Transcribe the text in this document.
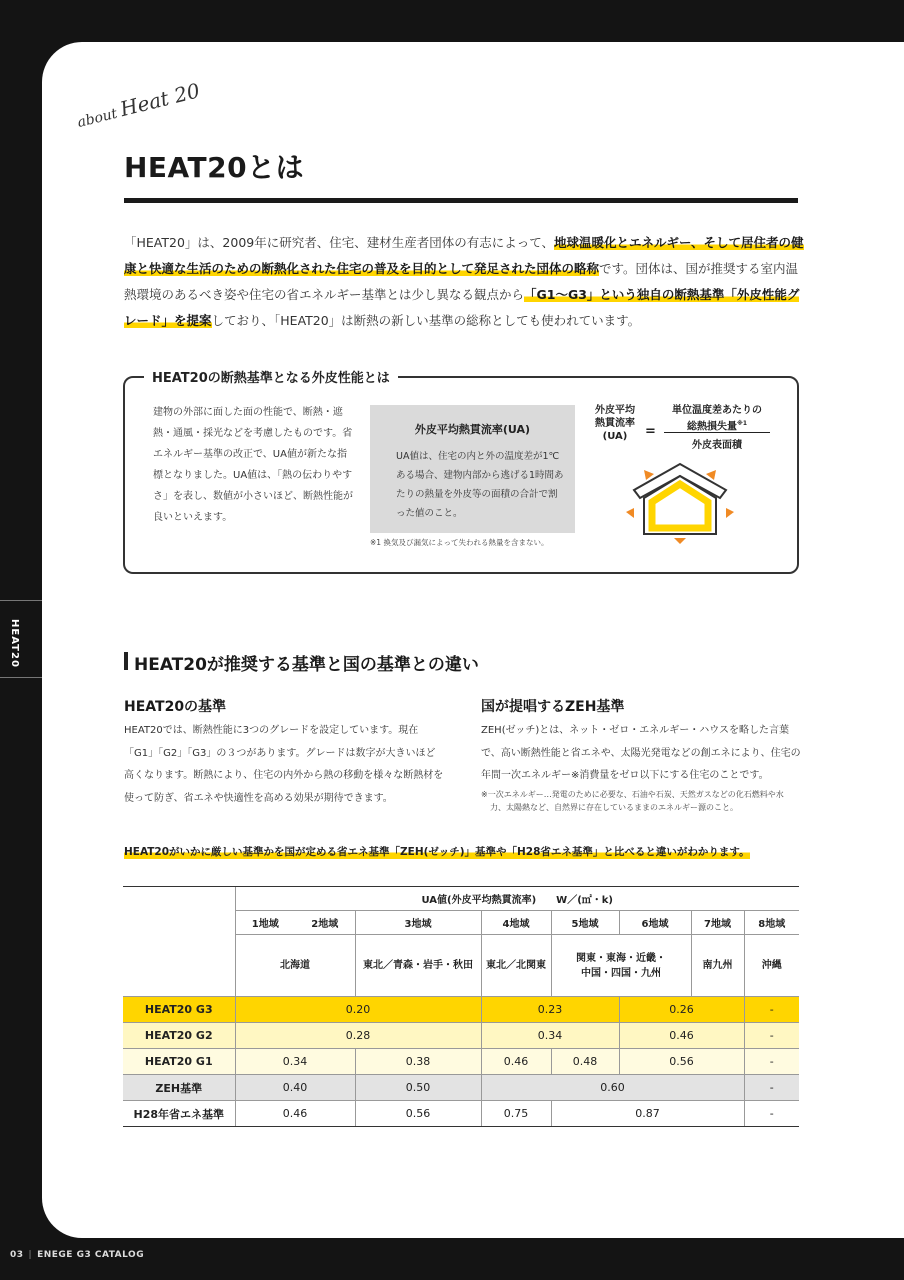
HEAT20
03 | ENEGE G3 CATALOG
about Heat 20
HEAT20とは
「HEAT20」は、2009年に研究者、住宅、建材生産者団体の有志によって、地球温暖化とエネルギー、そして居住者の健康と快適な生活のための断熱化された住宅の普及を目的として発足された団体の略称です。団体は、国が推奨する室内温熱環境のあるべき姿や住宅の省エネルギー基準とは少し異なる観点から「G1〜G3」という独自の断熱基準「外皮性能グレード」を提案しており、「HEAT20」は断熱の新しい基準の総称としても使われています。
HEAT20の断熱基準となる外皮性能とは
建物の外部に面した面の性能で、断熱・遮熱・通風・採光などを考慮したものです。省エネルギー基準の改正で、UA値が新たな指標となりました。UA値は、「熱の伝わりやすさ」を表し、数値が小さいほど、断熱性能が良いといえます。
外皮平均熱貫流率(UA)
UA値は、住宅の内と外の温度差が1℃ある場合、建物内部から逃げる1時間あたりの熱量を外皮等の面積の合計で割った値のこと。
※1 換気及び漏気によって失われる熱量を含まない。
外皮平均
熱貫流率
(UA)	=
単位温度差あたりの
総熱損失量$^{※1}$
外皮表面積
HEAT20が推奨する基準と国の基準との違い
HEAT20の基準
HEAT20では、断熱性能に3つのグレードを設定しています。現在「G1」「G2」「G3」の３つがあります。グレードは数字が大きいほど高くなります。断熱により、住宅の内外から熱の移動を様々な断熱材を使って防ぎ、省エネや快適性を高める効果が期待できます。
国が提唱するZEH基準
ZEH(ゼッチ)とは、ネット・ゼロ・エネルギー・ハウスを略した言葉で、高い断熱性能と省エネや、太陽光発電などの創エネにより、住宅の年間一次エネルギー※消費量をゼロ以下にする住宅のことです。
※一次エネルギー…発電のために必要な、石油や石炭、天然ガスなどの化石燃料や水力、太陽熱など、自然界に存在しているままのエネルギー源のこと。
HEAT20がいかに厳しい基準かを国が定める省エネ基準「ZEH(ゼッチ)」基準や「H28省エネ基準」と比べると違いがわかります。
	UA値(外皮平均熱貫流率)　　W／(㎡・k)							
	1地域	2地域	3地域	4地域	5地域	6地域	7地域	8地域
	北海道		東北／青森・岩手・秋田	東北／北関東	関東・東海・近畿・
中国・四国・九州		南九州	沖縄
HEAT20 G3	0.20			0.23		0.26		-
HEAT20 G2	0.28			0.34		0.46		-
HEAT20 G1	0.34		0.38	0.46	0.48	0.56		-
ZEH基準	0.40		0.50	0.60				-
H28年省エネ基準	0.46		0.56	0.75	0.87			-
